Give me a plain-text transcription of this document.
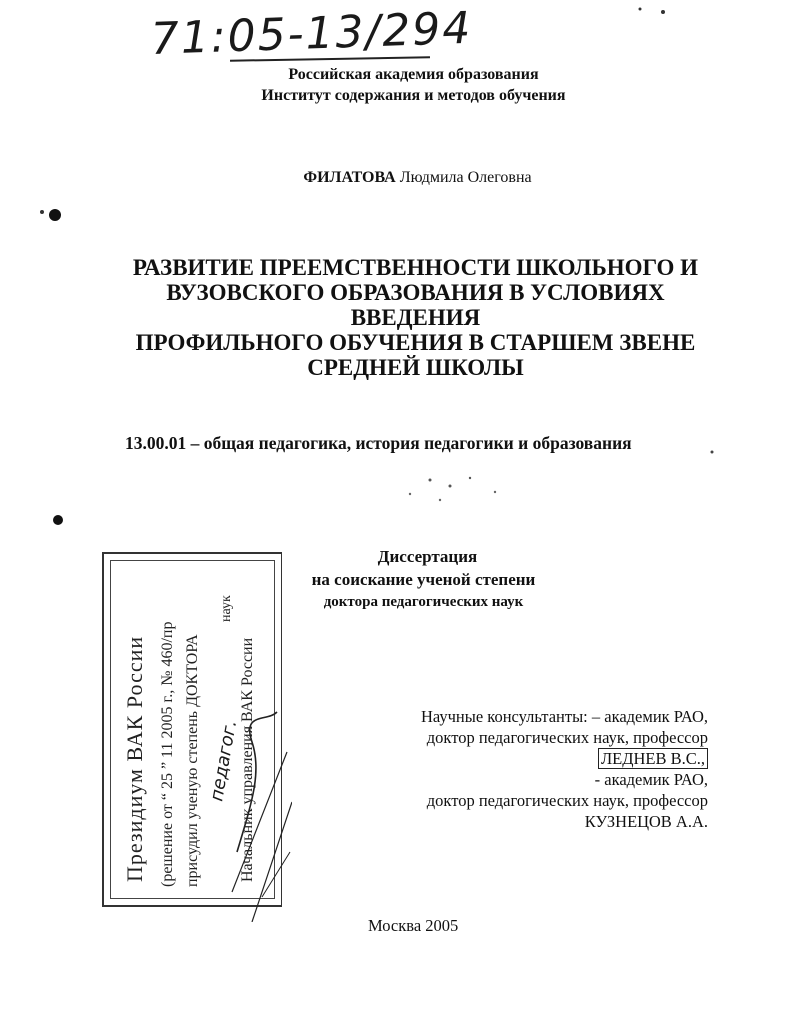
71:05-13/294
Российская академия образования
Институт содержания и методов обучения
ФИЛАТОВА Людмила Олеговна
РАЗВИТИЕ ПРЕЕМСТВЕННОСТИ ШКОЛЬНОГО И
ВУЗОВСКОГО ОБРАЗОВАНИЯ В УСЛОВИЯХ
ВВЕДЕНИЯ
ПРОФИЛЬНОГО ОБУЧЕНИЯ В СТАРШЕМ ЗВЕНЕ
СРЕДНЕЙ ШКОЛЫ
13.00.01 – общая педагогика, история педагогики и образования
Диссертация
на соискание ученой степени
доктора педагогических наук
Научные консультанты: – академик РАО,
доктор педагогических наук, профессор
ЛЕДНЕВ В.С.,
- академик РАО,
доктор педагогических наук, профессор
КУЗНЕЦОВ А.А.
Москва 2005
Президиум ВАК России (решение от “ 25 ” 11 2005 г., № 460/пр присудил ученую степень ДОКТОРА
наук
Начальник управления ВАК России
педагог.
